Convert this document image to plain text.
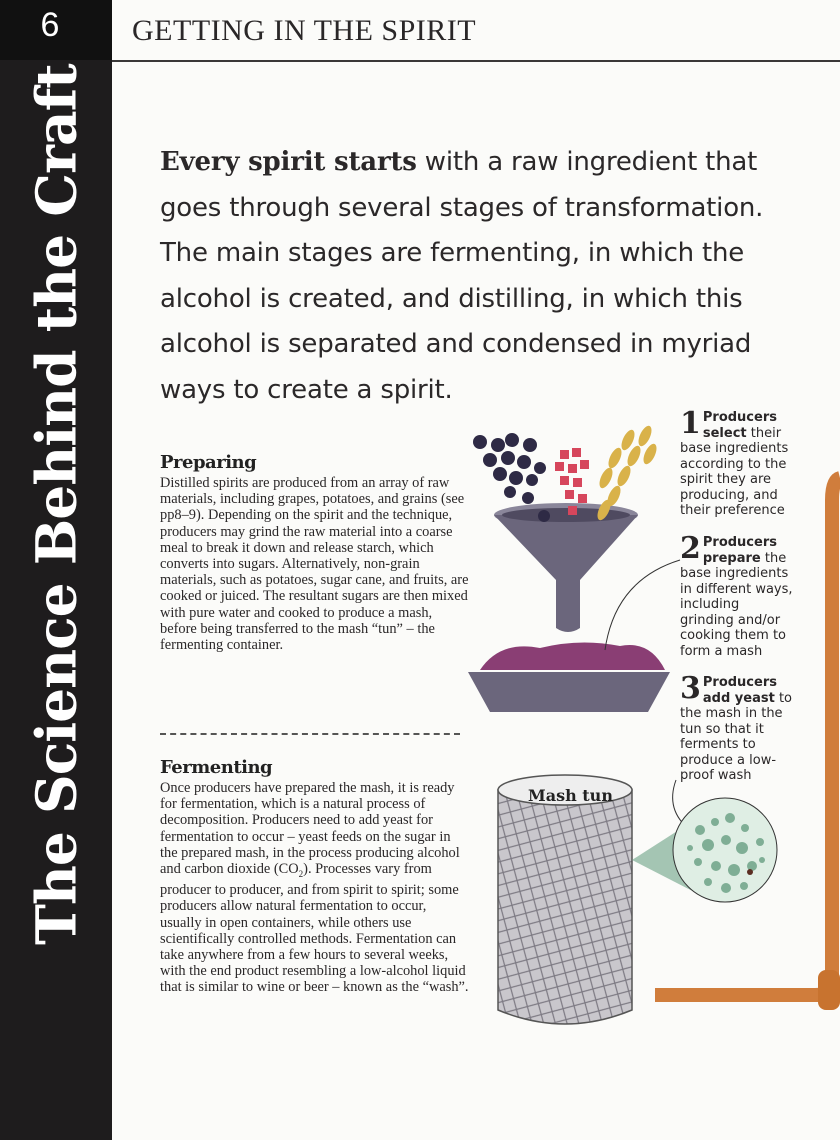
6
The Science Behind the Craft
GETTING IN THE SPIRIT
Every spirit starts with a raw ingredient that goes through several stages of transformation. The main stages are fermenting, in which the alcohol is created, and distilling, in which this alcohol is separated and condensed in myriad ways to create a spirit.
Preparing
Distilled spirits are produced from an array of raw materials, including grapes, potatoes, and grains (see pp8–9). Depending on the spirit and the technique, producers may grind the raw material into a coarse meal to break it down and release starch, which converts into sugars. Alternatively, non-grain materials, such as potatoes, sugar cane, and fruits, are cooked or juiced. The resultant sugars are then mixed with pure water and cooked to produce a mash, before being transferred to the mash “tun” – the fermenting container.
Fermenting
Once producers have prepared the mash, it is ready for fermentation, which is a natural process of decomposition. Producers need to add yeast for fermentation to occur – yeast feeds on the sugar in the prepared mash, in the process producing alcohol and carbon dioxide $(CO_2)$. Processes vary from producer to producer, and from spirit to spirit; some producers allow natural fermentation to occur, usually in open containers, while others use scientifically controlled methods. Fermentation can take anywhere from a few hours to several weeks, with the end product resembling a low-alcohol liquid that is similar to wine or beer – known as the “wash”.
Mash tun
1 Producers select their base ingredients according to the spirit they are producing, and their preference
2 Producers prepare the base ingredients in different ways, including grinding and/or cooking them to form a mash
3 Producers add yeast to the mash in the tun so that it ferments to produce a low-proof wash
